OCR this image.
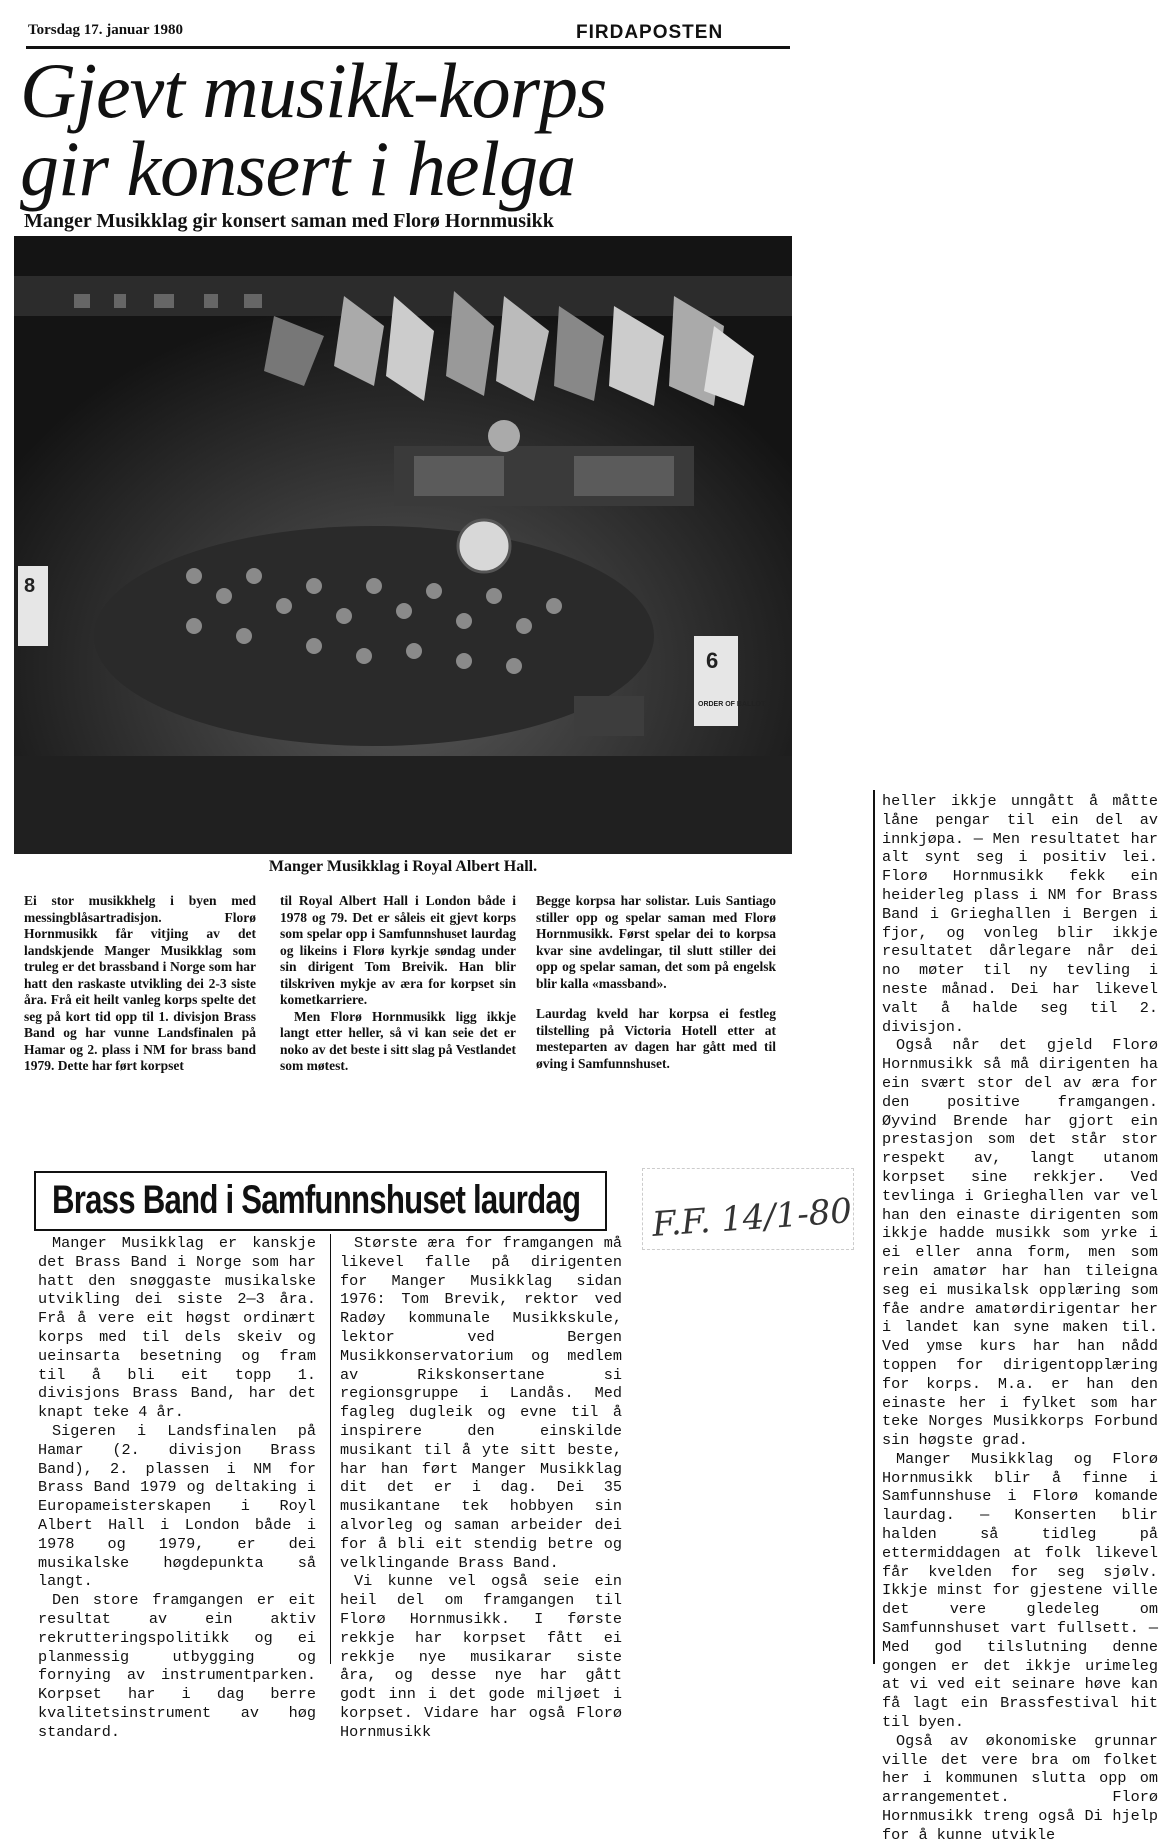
Torsdag 17. januar 1980	FIRDAPOSTEN
Gjevt musikk-korps
gir konsert i helga
Manger Musikklag gir konsert saman med Florø Hornmusikk
8
6
ORDER OF BALLOT
Manger Musikklag i Royal Albert Hall.

Ei stor musikkhelg i byen med messingblåsartradisjon. Florø Hornmusikk får vitjing av det landskjende Manger Musikklag som truleg er det brassband i Norge som har hatt den raskaste utvikling dei 2-3 siste åra. Frå eit heilt vanleg korps spelte det seg på kort tid opp til 1. divisjon Brass Band og har vunne Landsfinalen på Hamar og 2. plass i NM for brass band 1979. Dette har ført korpset

til Royal Albert Hall i London både i 1978 og 79. Det er såleis eit gjevt korps som spelar opp i Samfunnshuset laurdag og likeins i Florø kyrkje søndag under sin dirigent Tom Breivik. Han blir tilskriven mykje av æra for korpset sin kometkarriere.

Men Florø Hornmusikk ligg ikkje langt etter heller, så vi kan seie det er noko av det beste i sitt slag på Vestlandet som møtest.

Begge korpsa har solistar. Luis Santiago stiller opp og spelar saman med Florø Hornmusikk. Først spelar dei to korpsa kvar sine avdelingar, til slutt stiller dei opp og spelar saman, det som på engelsk blir kalla «massband».

Laurdag kveld har korpsa ei festleg tilstelling på Victoria Hotell etter at mesteparten av dagen har gått med til øving i Samfunnshuset.

heller ikkje unngått å måtte låne pengar til ein del av innkjøpa. — Men resultatet har alt synt seg i positiv lei. Florø Hornmusikk fekk ein heiderleg plass i NM for Brass Band i Grieghallen i Bergen i fjor, og vonleg blir ikkje resultatet dårlegare når dei no møter til ny tevling i neste månad. Dei har likevel valt å halde seg til 2. divisjon.

Også når det gjeld Florø Hornmusikk så må dirigenten ha ein svært stor del av æra for den positive framgangen. Øyvind Brende har gjort ein prestasjon som det står stor respekt av, langt utanom korpset sine rekkjer. Ved tevlinga i Grieghallen var vel han den einaste dirigenten som ikkje hadde musikk som yrke i ei eller anna form, men som rein amatør har han tileigna seg ei musikalsk opplæring som fåe andre amatørdirigentar her i landet kan syne maken til. Ved ymse kurs har han nådd toppen for dirigentopplæring for korps. M.a. er han den einaste her i fylket som har teke Norges Musikkorps Forbund sin høgste grad.

Manger Musikklag og Florø Hornmusikk blir å finne i Samfunnshuse i Florø komande laurdag. — Konserten blir halden så tidleg på ettermiddagen at folk likevel får kvelden for seg sjølv. Ikkje minst for gjestene ville det vere gledeleg om Samfunnshuset vart fullsett. — Med god tilslutning denne gongen er det ikkje urimeleg at vi ved eit seinare høve kan få lagt ein Brassfestival hit til byen.

Også av økonomiske grunnar ville det vere bra om folket her i kommunen slutta opp om arrangementet. Florø Hornmusikk treng også Di hjelp for å kunne utvikle

Brass Band i Samfunnshuset laurdag F.F. 14/1-80

Manger Musikklag er kanskje det Brass Band i Norge som har hatt den snøggaste musikalske utvikling dei siste 2—3 åra. Frå å vere eit høgst ordinært korps med til dels skeiv og ueinsarta besetning og fram til å bli eit topp 1. divisjons Brass Band, har det knapt teke 4 år.

Sigeren i Landsfinalen på Hamar (2. divisjon Brass Band), 2. plassen i NM for Brass Band 1979 og deltaking i Europameisterskapen i Royl Albert Hall i London både i 1978 og 1979, er dei musikalske høgdepunkta så langt.

Den store framgangen er eit resultat av ein aktiv rekrutteringspolitikk og ei planmessig utbygging og fornying av instrumentparken. Korpset har i dag berre kvalitetsinstrument av høg standard.

Største æra for framgangen må likevel falle på dirigenten for Manger Musikklag sidan 1976: Tom Brevik, rektor ved Radøy kommunale Musikkskule, lektor ved Bergen Musikkonservatorium og medlem av Rikskonsertane si regionsgruppe i Landås. Med fagleg dugleik og evne til å inspirere den einskilde musikant til å yte sitt beste, har han ført Manger Musikklag dit det er i dag. Dei 35 musikantane tek hobbyen sin alvorleg og saman arbeider dei for å bli eit stendig betre og velklingande Brass Band.

Vi kunne vel også seie ein heil del om framgangen til Florø Hornmusikk. I første rekkje har korpset fått ei rekkje nye musikarar siste åra, og desse nye har gått godt inn i det gode miljøet i korpset. Vidare har også Florø Hornmusikk
